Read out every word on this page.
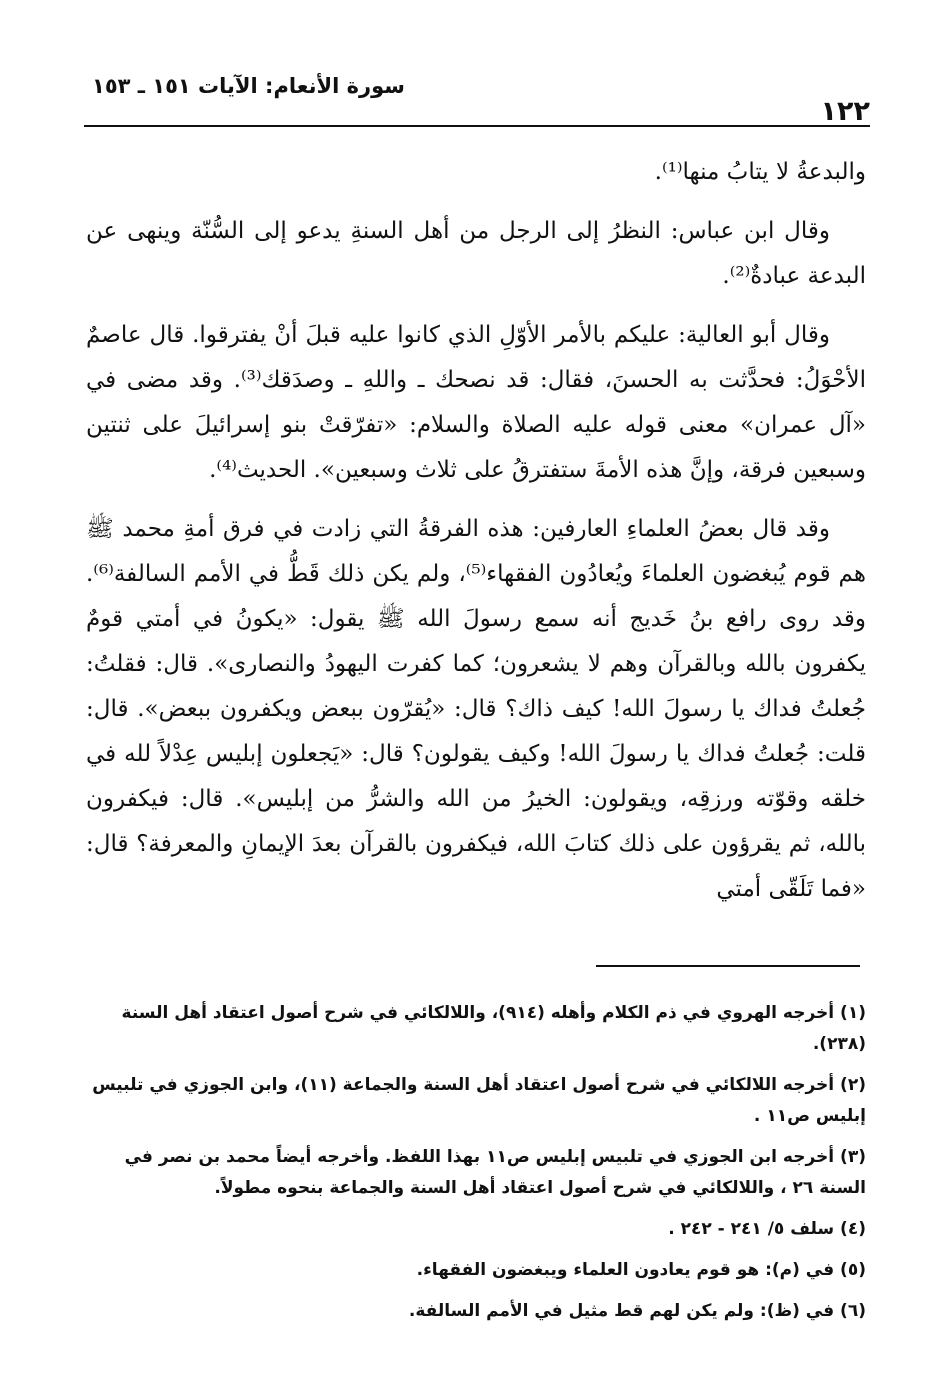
١٢٢
سورة الأنعام: الآيات ١٥١ ـ ١٥٣

والبدعةُ لا يتابُ منها⁽¹⁾.

وقال ابن عباس: النظرُ إلى الرجل من أهل السنةِ يدعو إلى السُّنّة وينهى عن البدعة عبادةٌ⁽²⁾.

وقال أبو العالية: عليكم بالأمر الأوّلِ الذي كانوا عليه قبلَ أنْ يفترقوا. قال عاصمٌ الأحْوَلُ: فحدَّثت به الحسنَ، فقال: قد نصحك ـ واللهِ ـ وصدَقك⁽³⁾. وقد مضى في «آل عمران» معنى قوله عليه الصلاة والسلام: «تفرّقتْ بنو إسرائيلَ على ثنتين وسبعين فرقة، وإنَّ هذه الأمةَ ستفترقُ على ثلاث وسبعين». الحديث⁽⁴⁾.

وقد قال بعضُ العلماءِ العارفين: هذه الفرقةُ التي زادت في فرق أمةِ محمد ﷺ هم قوم يُبغضون العلماءَ ويُعادُون الفقهاء⁽⁵⁾، ولم يكن ذلك قَطُّ في الأمم السالفة⁽⁶⁾. وقد روى رافع بنُ خَديج أنه سمع رسولَ الله ﷺ يقول: «يكونُ في أمتي قومٌ يكفرون بالله وبالقرآن وهم لا يشعرون؛ كما كفرت اليهودُ والنصارى». قال: فقلتُ: جُعلتُ فداك يا رسولَ الله! كيف ذاك؟ قال: «يُقرّون ببعض ويكفرون ببعض». قال: قلت: جُعلتُ فداك يا رسولَ الله! وكيف يقولون؟ قال: «يَجعلون إبليس عِدْلاً لله في خلقه وقوّته ورزقِه، ويقولون: الخيرُ من الله والشرُّ من إبليس». قال: فيكفرون بالله، ثم يقرؤون على ذلك كتابَ الله، فيكفرون بالقرآن بعدَ الإيمانِ والمعرفة؟ قال: «فما تَلَقّى أمتي

(١) أخرجه الهروي في ذم الكلام وأهله (٩١٤)، واللالكائي في شرح أصول اعتقاد أهل السنة (٢٣٨).
(٢) أخرجه اللالكائي في شرح أصول اعتقاد أهل السنة والجماعة (١١)، وابن الجوزي في تلبيس إبليس ص١١ .
(٣) أخرجه ابن الجوزي في تلبيس إبليس ص١١ بهذا اللفظ. وأخرجه أيضاً محمد بن نصر في السنة ٢٦ ، واللالكائي في شرح أصول اعتقاد أهل السنة والجماعة بنحوه مطولاً.
(٤) سلف ٥/ ٢٤١ - ٢٤٢ .
(٥) في (م): هو قوم يعادون العلماء ويبغضون الفقهاء.
(٦) في (ظ): ولم يكن لهم قط مثيل في الأمم السالفة.
